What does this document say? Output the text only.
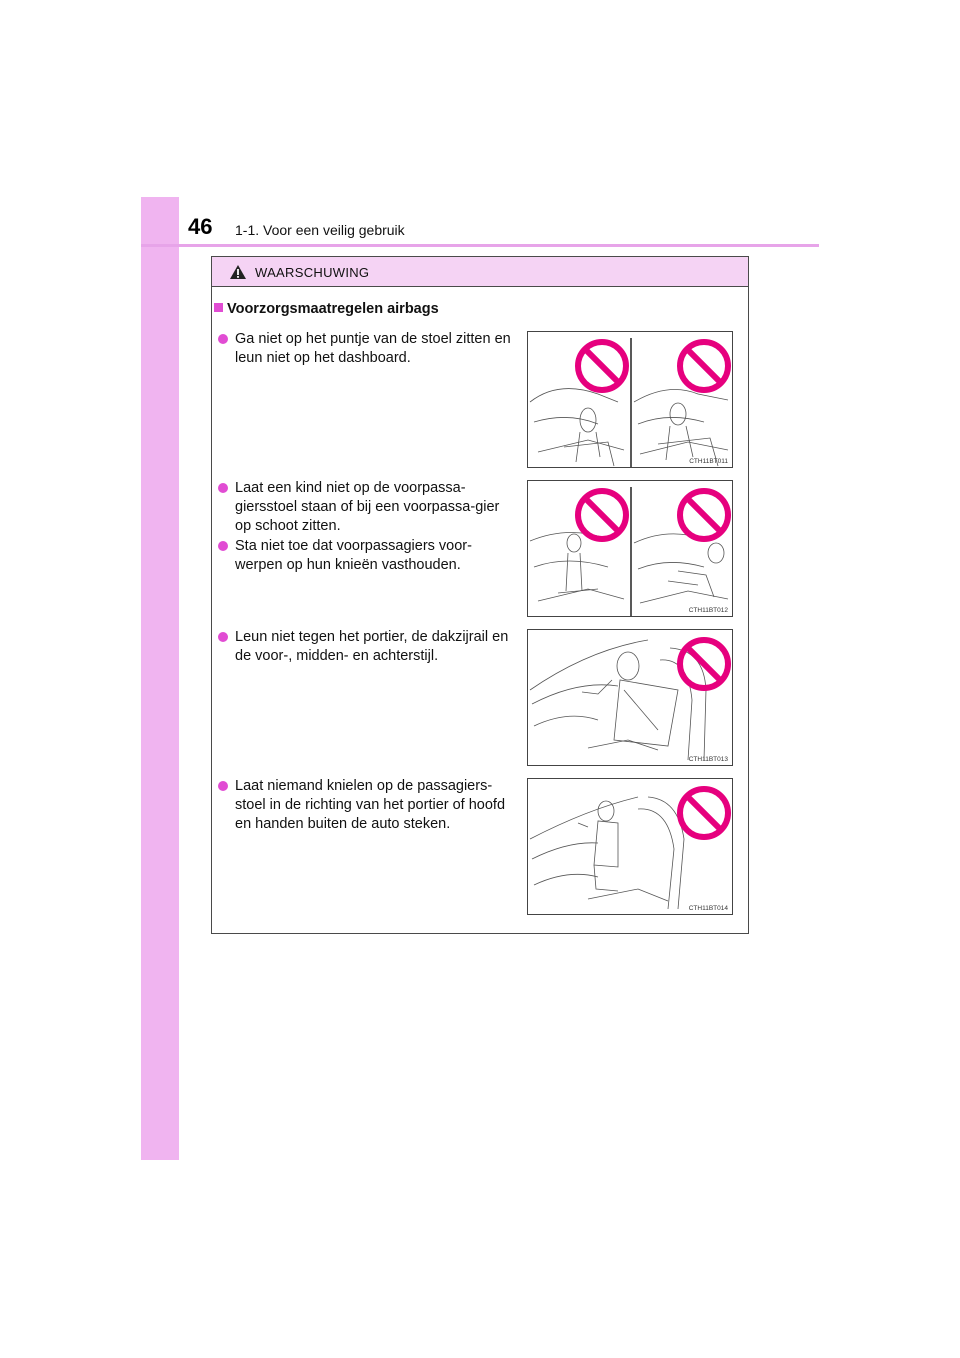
46 1-1. Voor een veilig gebruik
WAARSCHUWING
Voorzorgsmaatregelen airbags
Ga niet op het puntje van de stoel zitten en leun niet op het dashboard.
Laat een kind niet op de voorpassa-giersstoel staan of bij een voorpassa-gier op schoot zitten.
Sta niet toe dat voorpassagiers voor-werpen op hun knieën vasthouden.
Leun niet tegen het portier, de dakzijrail en de voor-, midden- en achterstijl.
Laat niemand knielen op de passagiers-stoel in de richting van het portier of hoofd en handen buiten de auto steken.
CTH11BT011
CTH11BT012
CTH11BT013
CTH11BT014
